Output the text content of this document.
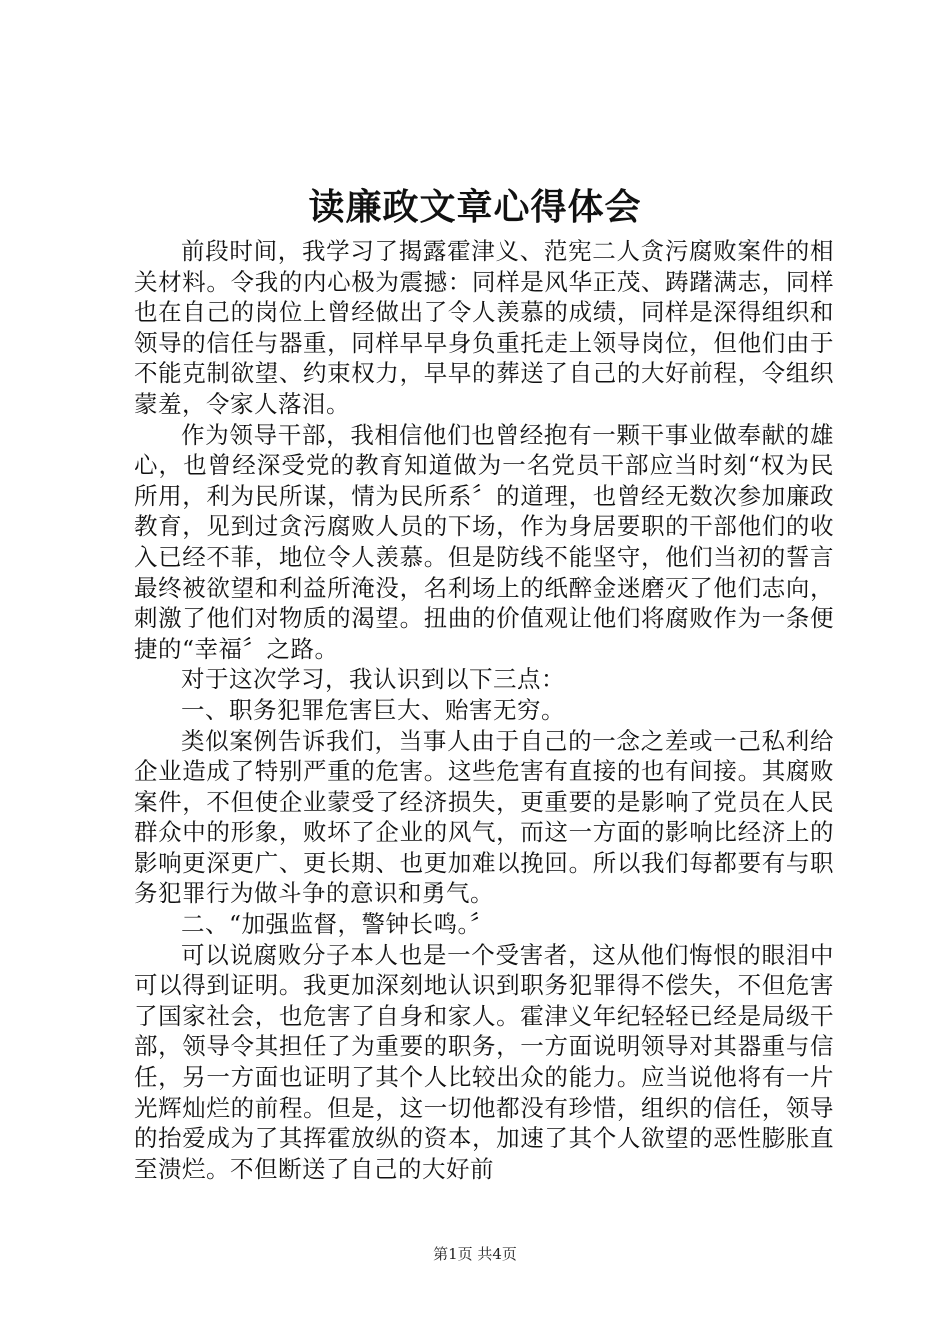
读廉政文章心得体会

前段时间，我学习了揭露霍津义、范宪二人贪污腐败案件的相关材料。令我的内心极为震撼：同样是风华正茂、踌躇满志，同样也在自己的岗位上曾经做出了令人羡慕的成绩，同样是深得组织和领导的信任与器重，同样早早身负重托走上领导岗位，但他们由于不能克制欲望、约束权力，早早的葬送了自己的大好前程，令组织蒙羞，令家人落泪。

作为领导干部，我相信他们也曾经抱有一颗干事业做奉献的雄心，也曾经深受党的教育知道做为一名党员干部应当时刻“权为民所用，利为民所谋，情为民所系〞的道理，也曾经无数次参加廉政教育，见到过贪污腐败人员的下场，作为身居要职的干部他们的收入已经不菲，地位令人羡慕。但是防线不能坚守，他们当初的誓言最终被欲望和利益所淹没，名利场上的纸醉金迷磨灭了他们志向，刺激了他们对物质的渴望。扭曲的价值观让他们将腐败作为一条便捷的“幸福〞之路。

对于这次学习，我认识到以下三点：

一、职务犯罪危害巨大、贻害无穷。

类似案例告诉我们，当事人由于自己的一念之差或一己私利给企业造成了特别严重的危害。这些危害有直接的也有间接。其腐败案件，不但使企业蒙受了经济损失，更重要的是影响了党员在人民群众中的形象，败坏了企业的风气，而这一方面的影响比经济上的影响更深更广、更长期、也更加难以挽回。所以我们每都要有与职务犯罪行为做斗争的意识和勇气。

二、“加强监督，警钟长鸣。〞

可以说腐败分子本人也是一个受害者，这从他们悔恨的眼泪中可以得到证明。我更加深刻地认识到职务犯罪得不偿失，不但危害了国家社会，也危害了自身和家人。霍津义年纪轻轻已经是局级干部，领导令其担任了为重要的职务，一方面说明领导对其器重与信任，另一方面也证明了其个人比较出众的能力。应当说他将有一片光辉灿烂的前程。但是，这一切他都没有珍惜，组织的信任，领导的抬爱成为了其挥霍放纵的资本，加速了其个人欲望的恶性膨胀直至溃烂。不但断送了自己的大好前

第1页 共4页
